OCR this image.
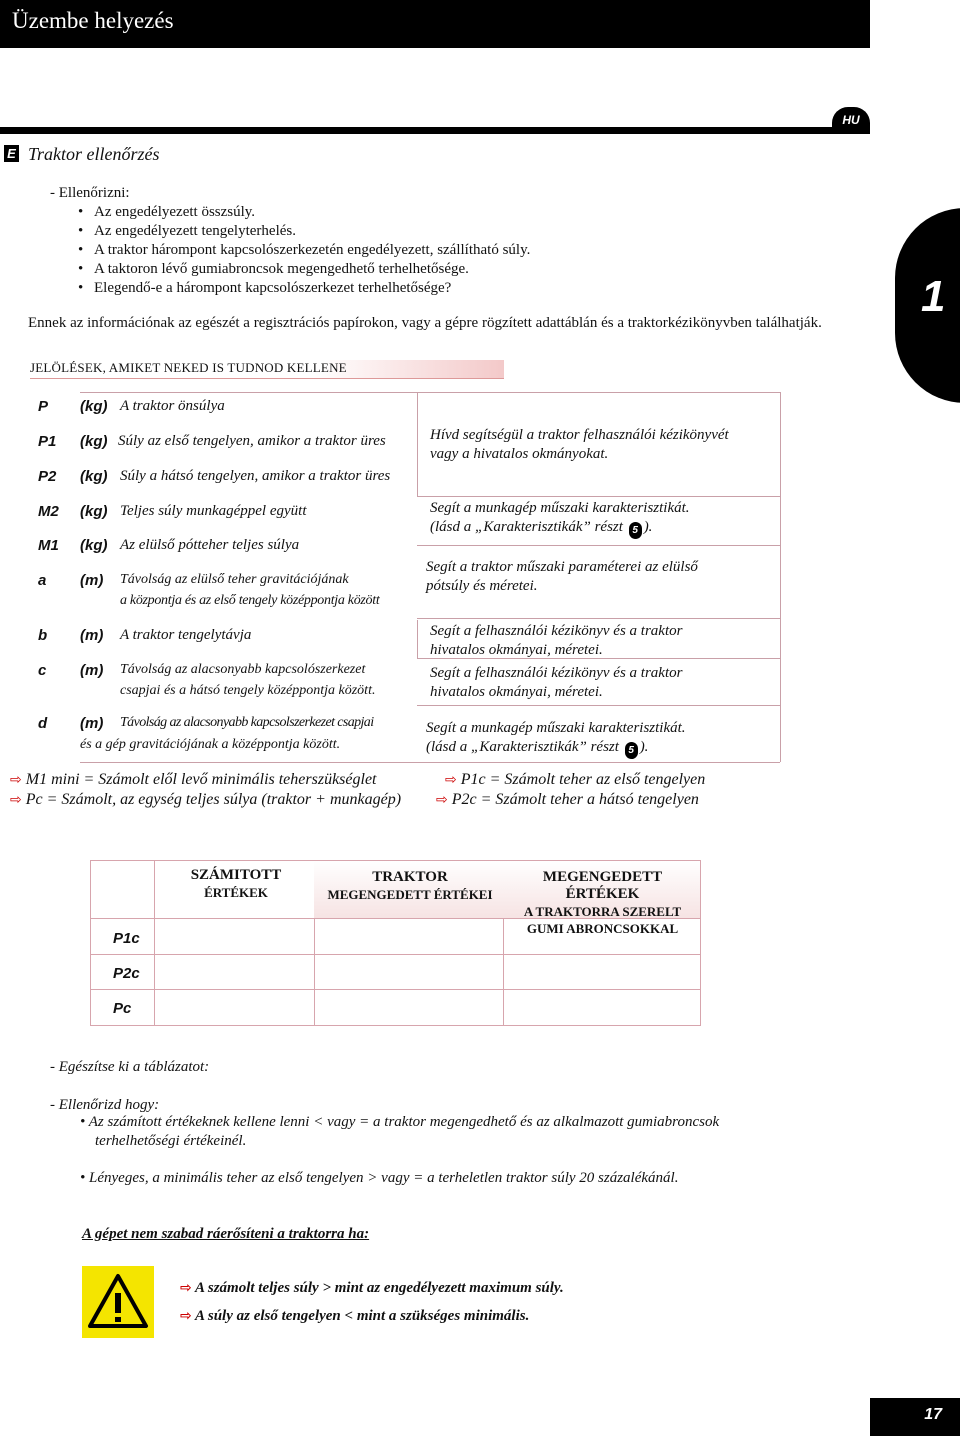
Üzembe helyezés
HU
1
E Traktor ellenőrzés
- Ellenőrizni:
• Az engedélyezett összsúly.
• Az engedélyezett tengelyterhelés.
• A traktor hárompont kapcsolószerkezetén engedélyezett, szállítható súly.
• A taktoron lévő gumiabroncsok megengedhető terhelhetősége.
• Elegendő-e a hárompont kapcsolószerkezet terhelhetősége?
Ennek az információnak az egészét a regisztrációs papírokon, vagy a gépre rögzített adattáblán és a traktorkézikönyvben találhatják.
JELÖLÉSEK, AMIKET NEKED IS TUDNOD KELLENE
P (kg) A traktor önsúlya
P1 (kg) Súly az első tengelyen, amikor a traktor üres
P2 (kg) Súly a hátsó tengelyen, amikor a traktor üres
M2 (kg) Teljes súly munkagéppel együtt
M1 (kg) Az elülső pótteher teljes súlya
a (m) Távolság az elülső teher gravitációjának
a központja és az első tengely középpontja között
b (m) A traktor tengelytávja
c (m) Távolság az alacsonyabb kapcsolószerkezet
csapjai és a hátsó tengely középpontja között.
d (m) Távolság az alacsonyabb kapcsolszerkezet csapjai
és a gép gravitációjának a középpontja között.
Hívd segítségül a traktor felhasználói kézikönyvét
vagy a hivatalos okmányokat.
Segít a munkagép műszaki karakterisztikát.
(lásd a „Karakterisztikák” részt 5 ).
Segít a traktor műszaki paraméterei az elülső
pótsúly és méretei.
Segít a felhasználói kézikönyv és a traktor
hivatalos okmányai, méretei.
Segít a felhasználói kézikönyv és a traktor
hivatalos okmányai, méretei.
Segít a munkagép műszaki karakterisztikát.
(lásd a „Karakterisztikák” részt 5 ).
⇨ M1 mini = Számolt elől levő minimális teherszükséglet	⇨ P1c = Számolt teher az első tengelyen
⇨ Pc = Számolt, az egység teljes súlya (traktor + munkagép) ⇨ P2c = Számolt teher a hátsó tengelyen
SZÁMITOTT
ÉRTÉKEK
TRAKTOR
MEGENGEDETT ÉRTÉKEI
MEGENGEDETT ÉRTÉKEK
A TRAKTORRA SZERELT
GUMI ABRONCSOKKAL
P1c
P2c
Pc
- Egészítse ki a táblázatot:
- Ellenőrizd hogy:
• Az számított értékeknek kellene lenni < vagy = a traktor megengedhető és az alkalmazott gumiabroncsok
terhelhetőségi értékeinél.
• Lényeges, a minimális teher az első tengelyen > vagy = a terheletlen traktor súly 20 százalékánál.
A gépet nem szabad ráerősíteni a traktorra ha:
⇨ A számolt teljes súly > mint az engedélyezett maximum súly.
⇨ A súly az első tengelyen < mint a szükséges minimális.
17
